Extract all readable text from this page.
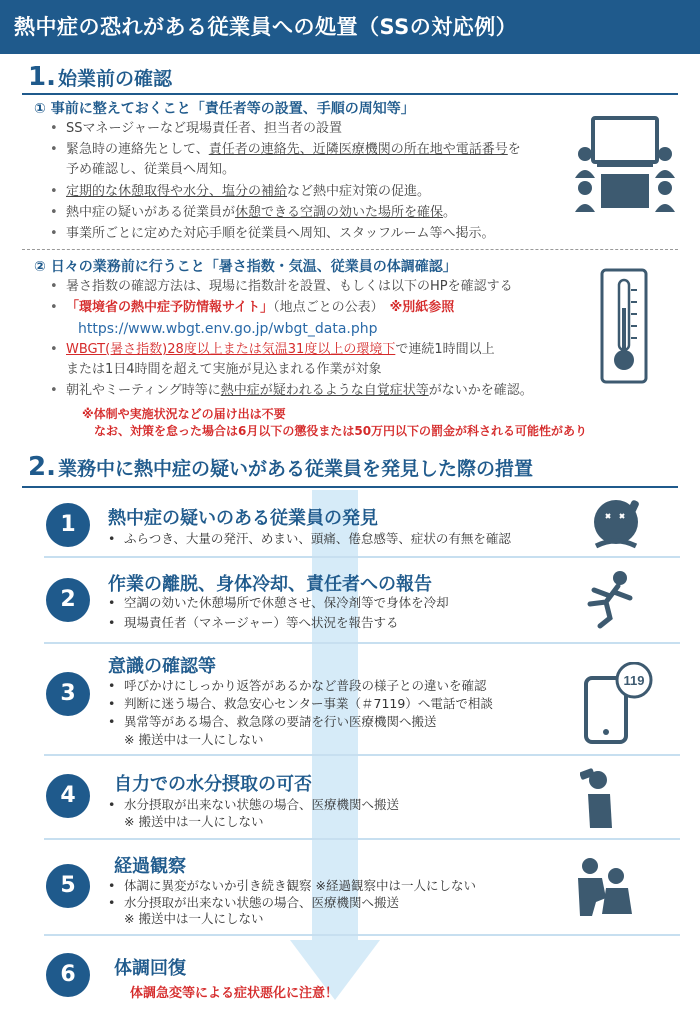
熱中症の恐れがある従業員への処置（SSの対応例）
1. 始業前の確認
① 事前に整えておくこと「責任者等の設置、手順の周知等」
• SSマネージャーなど現場責任者、担当者の設置
• 緊急時の連絡先として、責任者の連絡先、近隣医療機関の所在地や電話番号を
予め確認し、従業員へ周知。
• 定期的な休憩取得や水分、塩分の補給など熱中症対策の促進。
• 熱中症の疑いがある従業員が休憩できる空調の効いた場所を確保。
• 事業所ごとに定めた対応手順を従業員へ周知、スタッフルーム等へ掲示。
② 日々の業務前に行うこと「暑さ指数・気温、従業員の体調確認」
• 暑さ指数の確認方法は、現場に指数計を設置、もしくは以下のHPを確認する
• 「環境省の熱中症予防情報サイト」（地点ごとの公表） ※別紙参照
https://www.wbgt.env.go.jp/wbgt_data.php
• WBGT(暑さ指数)28度以上または気温31度以上の環境下で連続1時間以上
または1日4時間を超えて実施が見込まれる作業が対象
• 朝礼やミーティング時等に熱中症が疑われるような自覚症状等がないかを確認。
※体制や実施状況などの届け出は不要
なお、対策を怠った場合は6月以下の懲役または50万円以下の罰金が科される可能性があり
2. 業務中に熱中症の疑いがある従業員を発見した際の措置
1	熱中症の疑いのある従業員の発見
• ふらつき、大量の発汗、めまい、頭痛、倦怠感等、症状の有無を確認
2
作業の離脱、身体冷却、責任者への報告
• 空調の効いた休憩場所で休憩させ、保冷剤等で身体を冷却
• 現場責任者（マネージャー）等へ状況を報告する
3
意識の確認等
• 呼びかけにしっかり返答があるかなど普段の様子との違いを確認
• 判断に迷う場合、救急安心センター事業（＃7119）へ電話で相談
• 異常等がある場合、救急隊の要請を行い医療機関へ搬送
※ 搬送中は一人にしない
119
4	自力での水分摂取の可否
• 水分摂取が出来ない状態の場合、医療機関へ搬送
※ 搬送中は一人にしない
5
経過観察
• 体調に異変がないか引き続き観察 ※経過観察中は一人にしない
• 水分摂取が出来ない状態の場合、医療機関へ搬送
※ 搬送中は一人にしない
6	体調回復
体調急変等による症状悪化に注意！
